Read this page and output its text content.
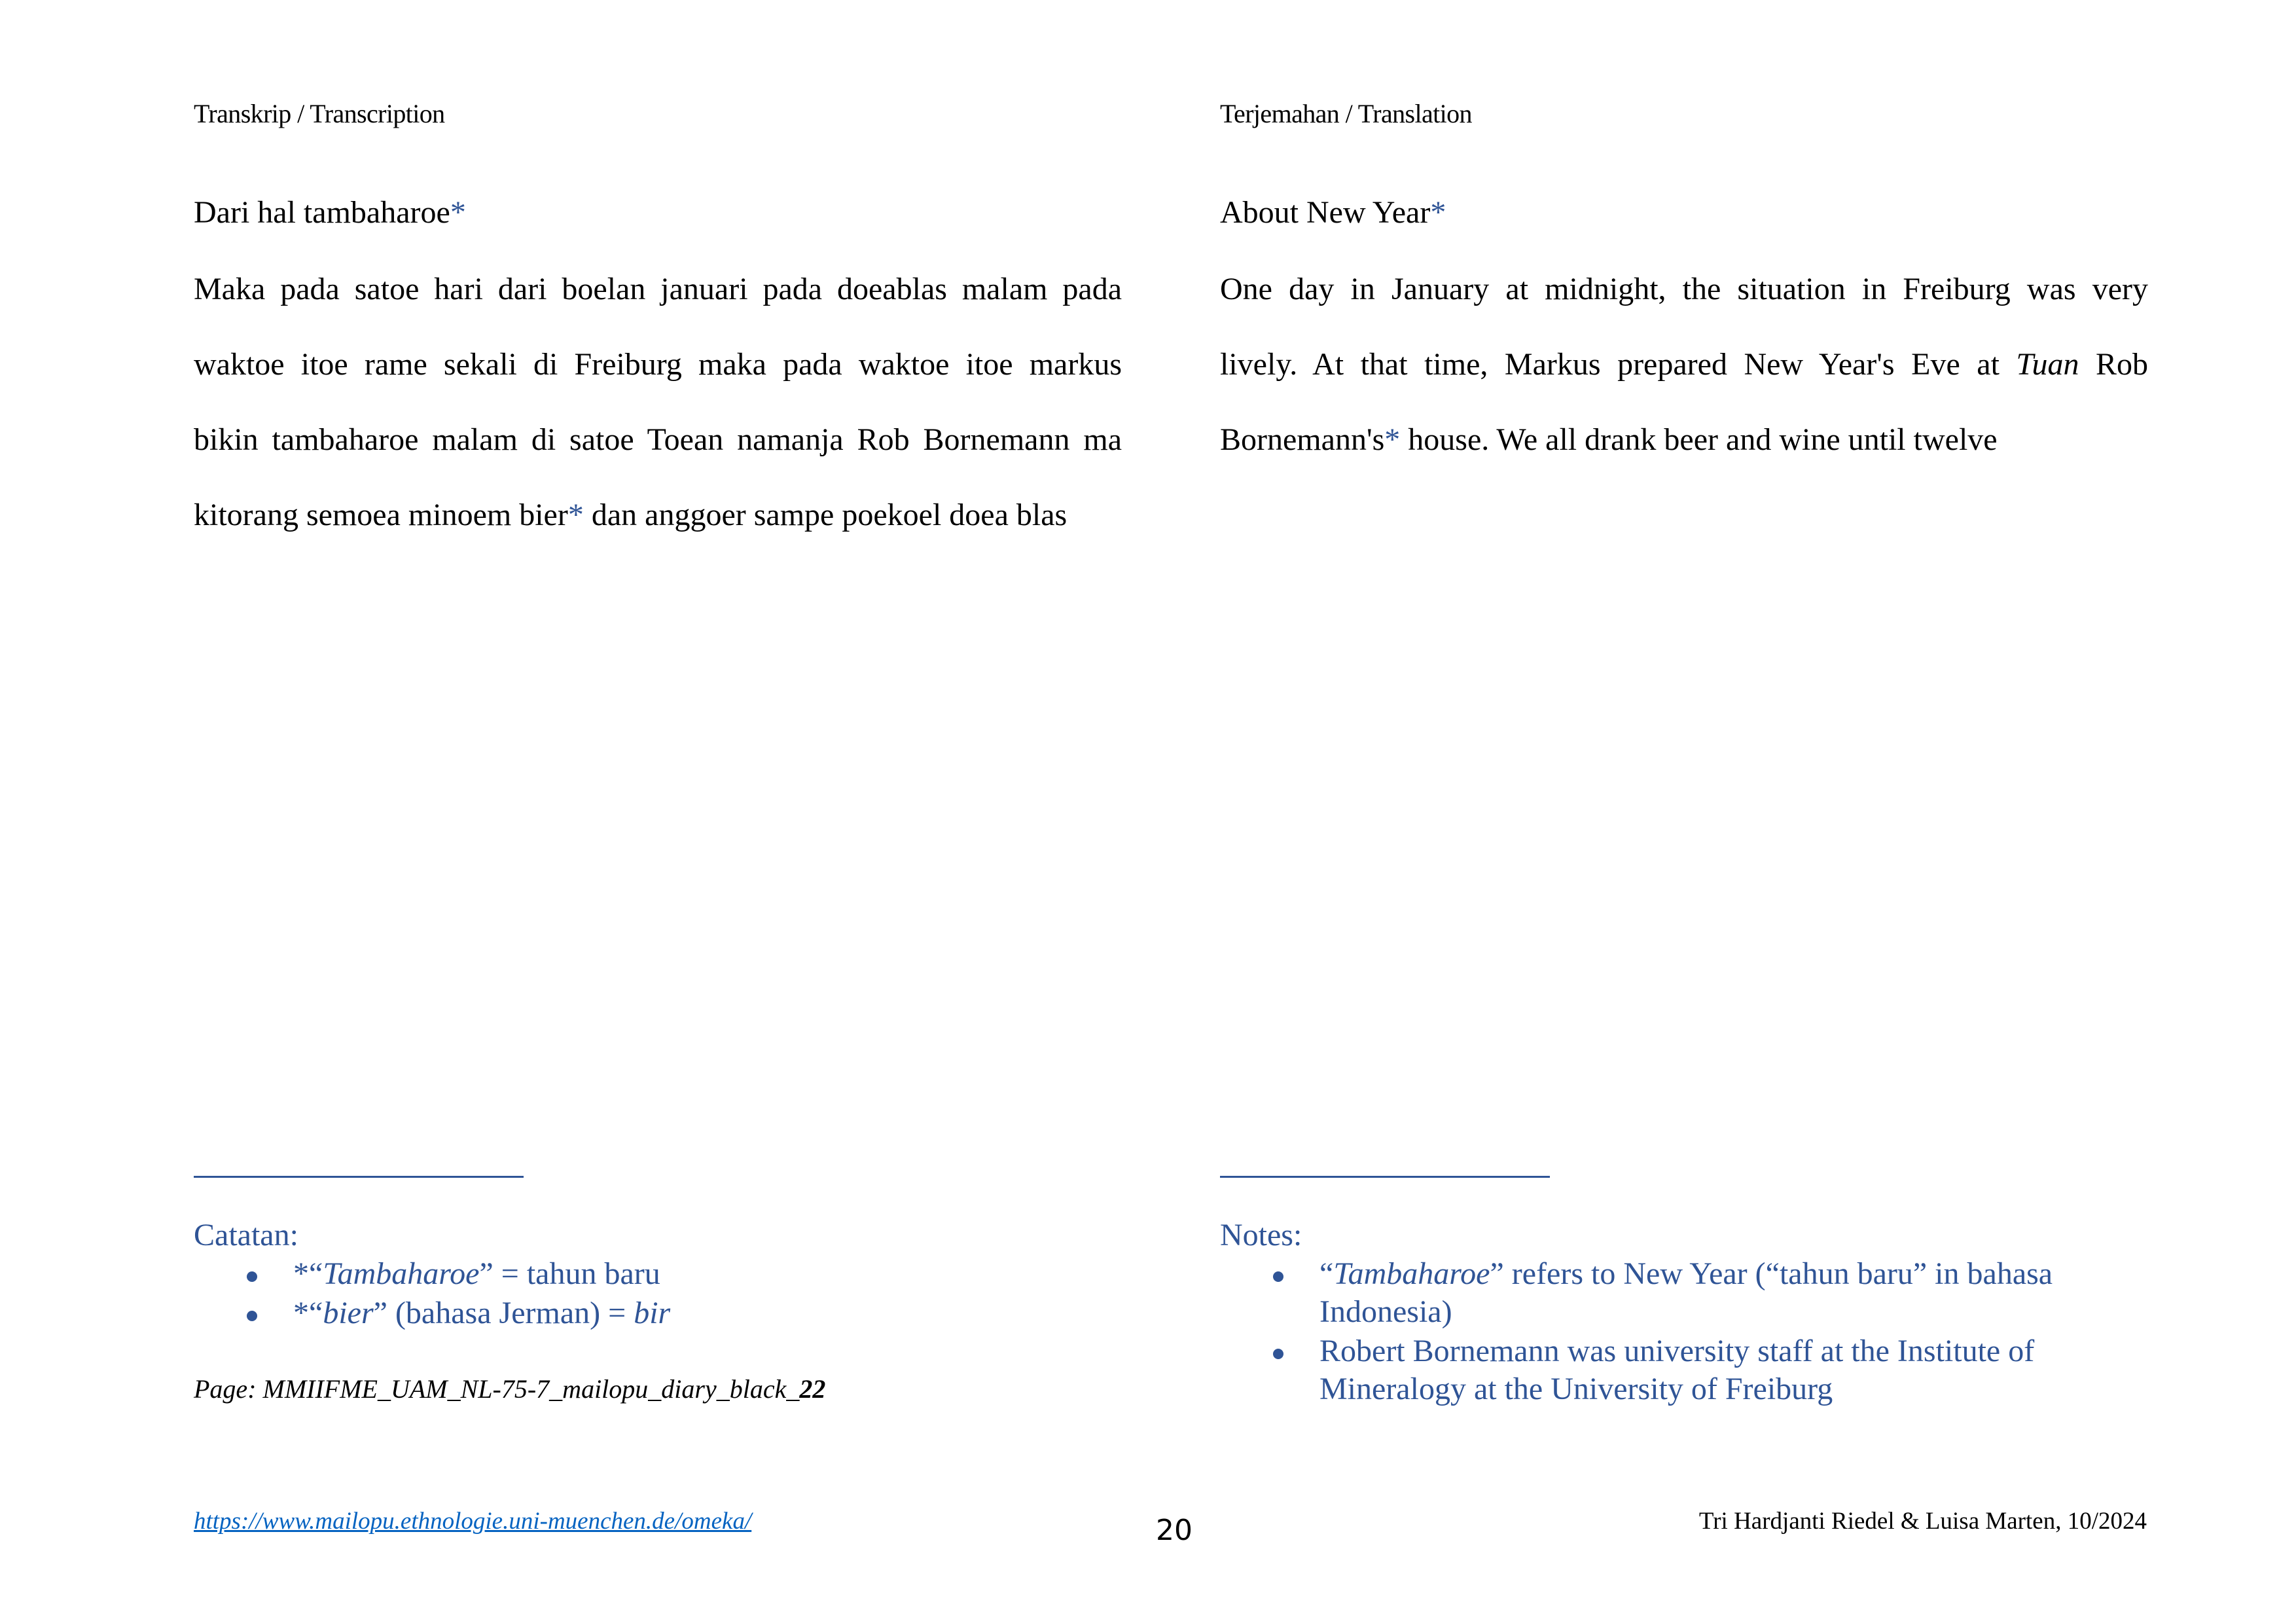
Transkrip / Transcription
Dari hal tambaharoe*
Maka pada satoe hari dari boelan januari pada doeablas malam pada
waktoe itoe rame sekali di Freiburg maka pada waktoe itoe markus
bikin tambaharoe malam di satoe Toean namanja Rob Bornemann ma
kitorang semoea minoem bier* dan anggoer sampe poekoel doea blas
Catatan:
*“Tambaharoe” = tahun baru
*“bier” (bahasa Jerman) = bir
Page: MMIIFME_UAM_NL-75-7_mailopu_diary_black_22
Terjemahan / Translation
About New Year*
One day in January at midnight, the situation in Freiburg was very
lively. At that time, Markus prepared New Year's Eve at Tuan Rob
Bornemann's* house. We all drank beer and wine until twelve
Notes:
“Tambaharoe” refers to New Year (“tahun baru” in bahasa Indonesia)
Robert Bornemann was university staff at the Institute of Mineralogy at the University of Freiburg
https://www.mailopu.ethnologie.uni-muenchen.de/omeka/	20	Tri Hardjanti Riedel & Luisa Marten, 10/2024
